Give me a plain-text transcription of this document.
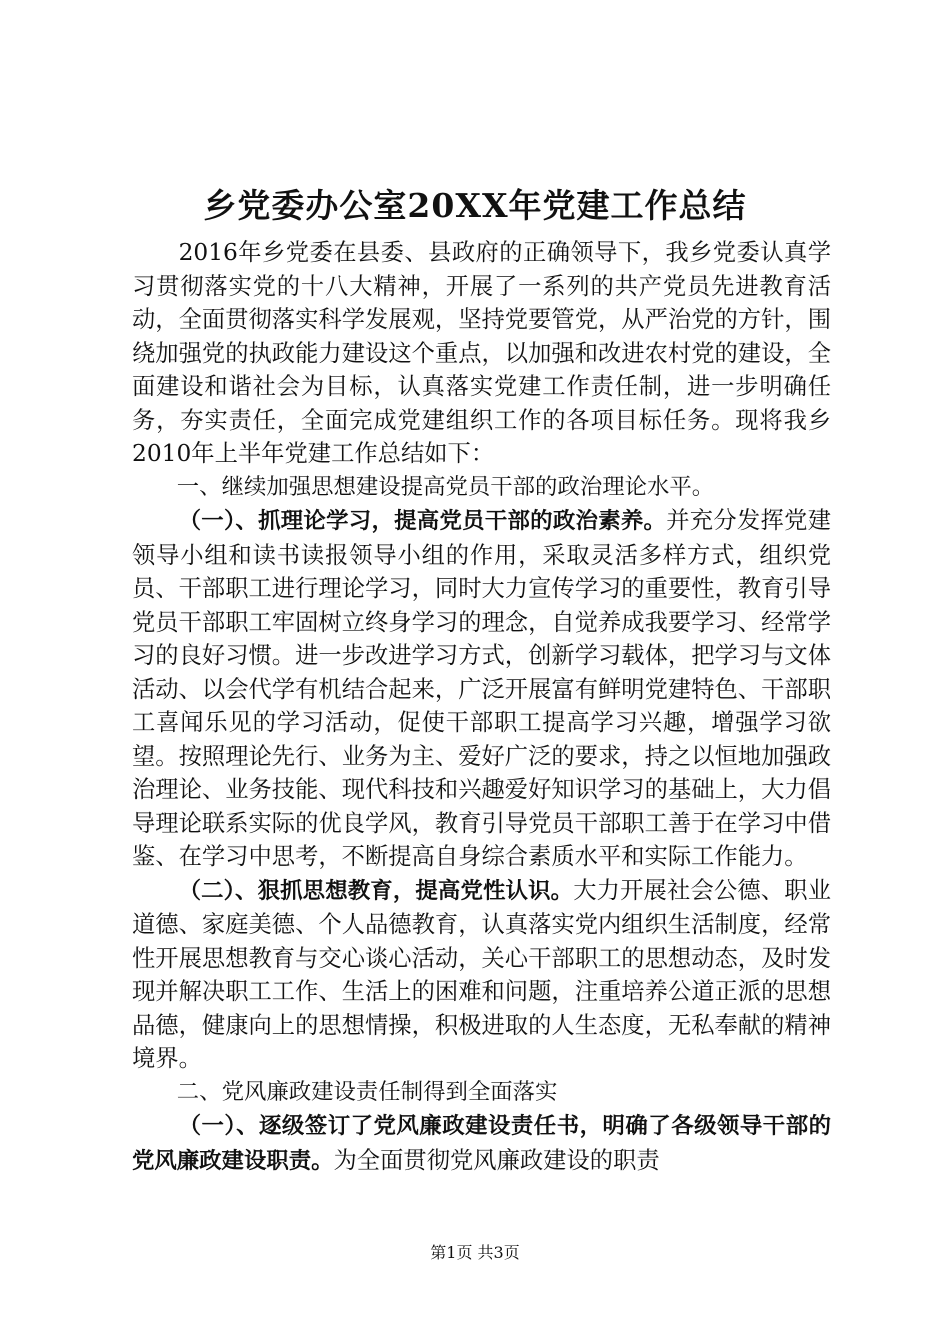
乡党委办公室20XX年党建工作总结

2016年乡党委在县委、县政府的正确领导下，我乡党委认真学习贯彻落实党的十八大精神，开展了一系列的共产党员先进教育活动，全面贯彻落实科学发展观，坚持党要管党，从严治党的方针，围绕加强党的执政能力建设这个重点，以加强和改进农村党的建设，全面建设和谐社会为目标，认真落实党建工作责任制，进一步明确任务，夯实责任，全面完成党建组织工作的各项目标任务。现将我乡2010年上半年党建工作总结如下：

一、继续加强思想建设提高党员干部的政治理论水平。

（一）、抓理论学习，提高党员干部的政治素养。并充分发挥党建领导小组和读书读报领导小组的作用，采取灵活多样方式，组织党员、干部职工进行理论学习，同时大力宣传学习的重要性，教育引导党员干部职工牢固树立终身学习的理念，自觉养成我要学习、经常学习的良好习惯。进一步改进学习方式，创新学习载体，把学习与文体活动、以会代学有机结合起来，广泛开展富有鲜明党建特色、干部职工喜闻乐见的学习活动，促使干部职工提高学习兴趣，增强学习欲望。按照理论先行、业务为主、爱好广泛的要求，持之以恒地加强政治理论、业务技能、现代科技和兴趣爱好知识学习的基础上，大力倡导理论联系实际的优良学风，教育引导党员干部职工善于在学习中借鉴、在学习中思考，不断提高自身综合素质水平和实际工作能力。

（二）、狠抓思想教育，提高党性认识。大力开展社会公德、职业道德、家庭美德、个人品德教育，认真落实党内组织生活制度，经常性开展思想教育与交心谈心活动，关心干部职工的思想动态，及时发现并解决职工工作、生活上的困难和问题，注重培养公道正派的思想品德，健康向上的思想情操，积极进取的人生态度，无私奉献的精神境界。

二、党风廉政建设责任制得到全面落实

（一）、逐级签订了党风廉政建设责任书，明确了各级领导干部的党风廉政建设职责。为全面贯彻党风廉政建设的职责

第1页 共3页
